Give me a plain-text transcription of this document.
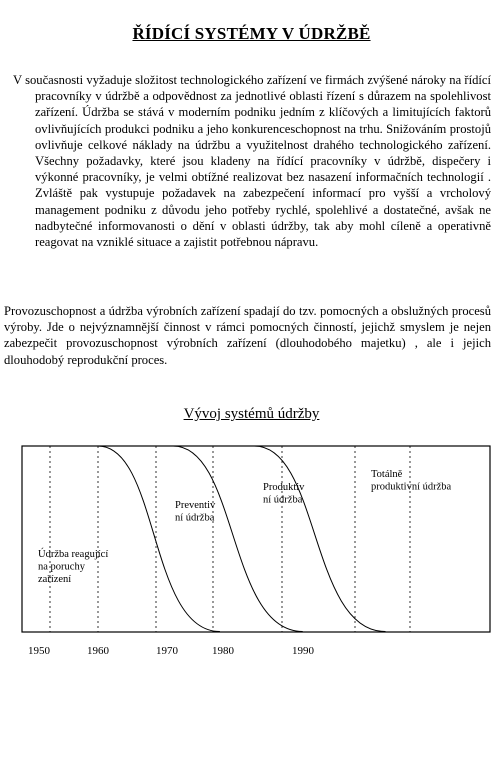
ŘÍDÍCÍ SYSTÉMY V ÚDRŽBĚ

V současnosti vyžaduje složitost technologického zařízení ve firmách zvýšené nároky na řídící pracovníky v údržbě a odpovědnost za jednotlivé oblasti řízení s důrazem na spolehlivost zařízení. Údržba se stává v moderním podniku jedním z klíčových a limitujících faktorů ovlivňujících produkci podniku a jeho konkurenceschopnost na trhu. Snižováním prostojů ovlivňuje celkové náklady na údržbu a využitelnost drahého technologického zařízení. Všechny požadavky, které jsou kladeny na řídící pracovníky v údržbě, dispečery i výkonné pracovníky, je velmi obtížné realizovat bez nasazení informačních technologií . Zvláště pak vystupuje požadavek na zabezpečení informací pro vyšší a vrcholový management podniku z důvodu jeho potřeby rychlé, spolehlivé a dostatečné, avšak ne nadbytečné informovanosti o dění v oblasti údržby, tak aby mohl cíleně a operativně reagovat na vzniklé situace a zajistit potřebnou nápravu.

Provozuschopnost a údržba výrobních zařízení spadají do tzv. pomocných a obslužných procesů výroby. Jde o nejvýznamnější činnost v rámci pomocných činností, jejichž smyslem je nejen zabezpečit provozuschopnost výrobních zařízení (dlouhodobého majetku) , ale i jejich dlouhodobý reprodukční proces.

Vývoj systémů údržby
Údržba reagující
na poruchy
zařízení
Preventiv
ní údržba
Produktiv
ní údržba
Totálně
produktivní údržba
1950	1960	1970	1980	1990
